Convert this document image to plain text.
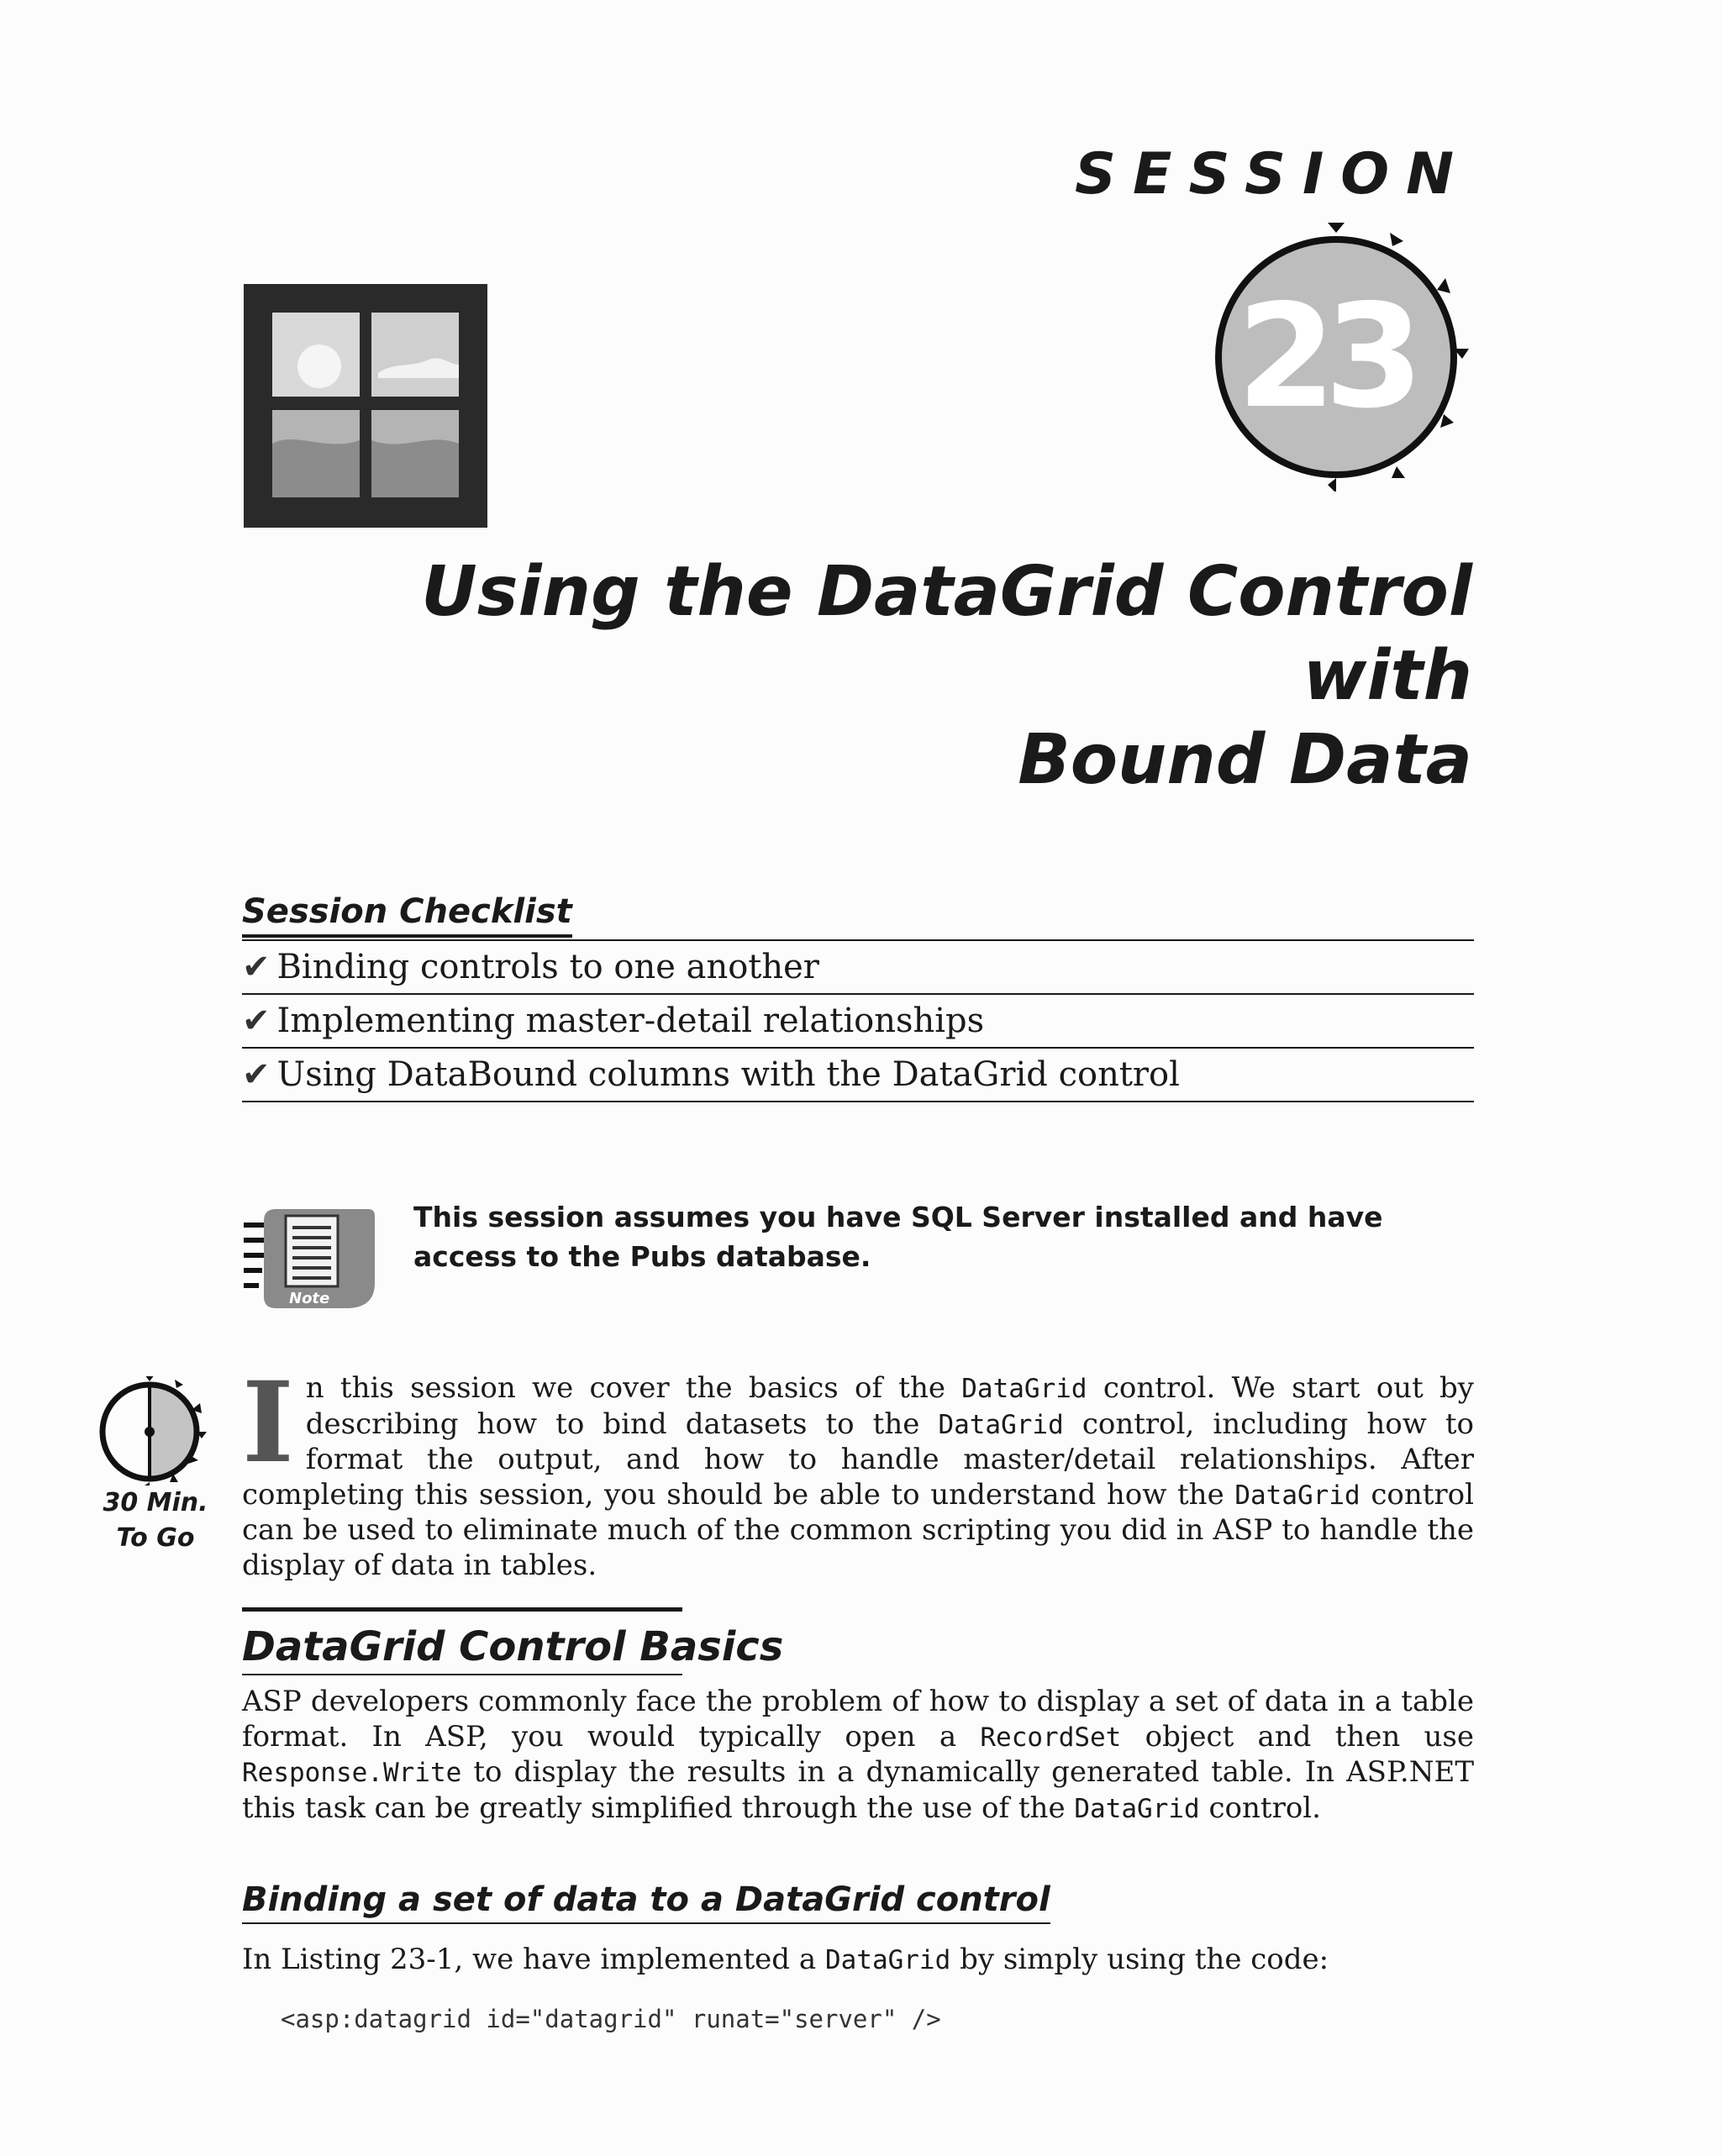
SESSION
23
Using the DataGrid Control with
Bound Data
Session Checklist
✔ Binding controls to one another
✔ Implementing master-detail relationships
✔ Using DataBound columns with the DataGrid control
Note

This session assumes you have SQL Server installed and have access to the Pubs database.

30 Min.
To Go

In this session we cover the basics of the DataGrid control. We start out by describing how to bind datasets to the DataGrid control, including how to format the output, and how to handle master/detail relationships. After completing this session, you should be able to understand how the DataGrid control can be used to eliminate much of the common scripting you did in ASP to handle the display of data in tables.

DataGrid Control Basics

ASP developers commonly face the problem of how to display a set of data in a table format. In ASP, you would typically open a RecordSet object and then use Response.Write to display the results in a dynamically generated table. In ASP.NET this task can be greatly simplified through the use of the DataGrid control.

Binding a set of data to a DataGrid control

In Listing 23-1, we have implemented a DataGrid by simply using the code:

<asp:datagrid id="datagrid" runat="server" />
